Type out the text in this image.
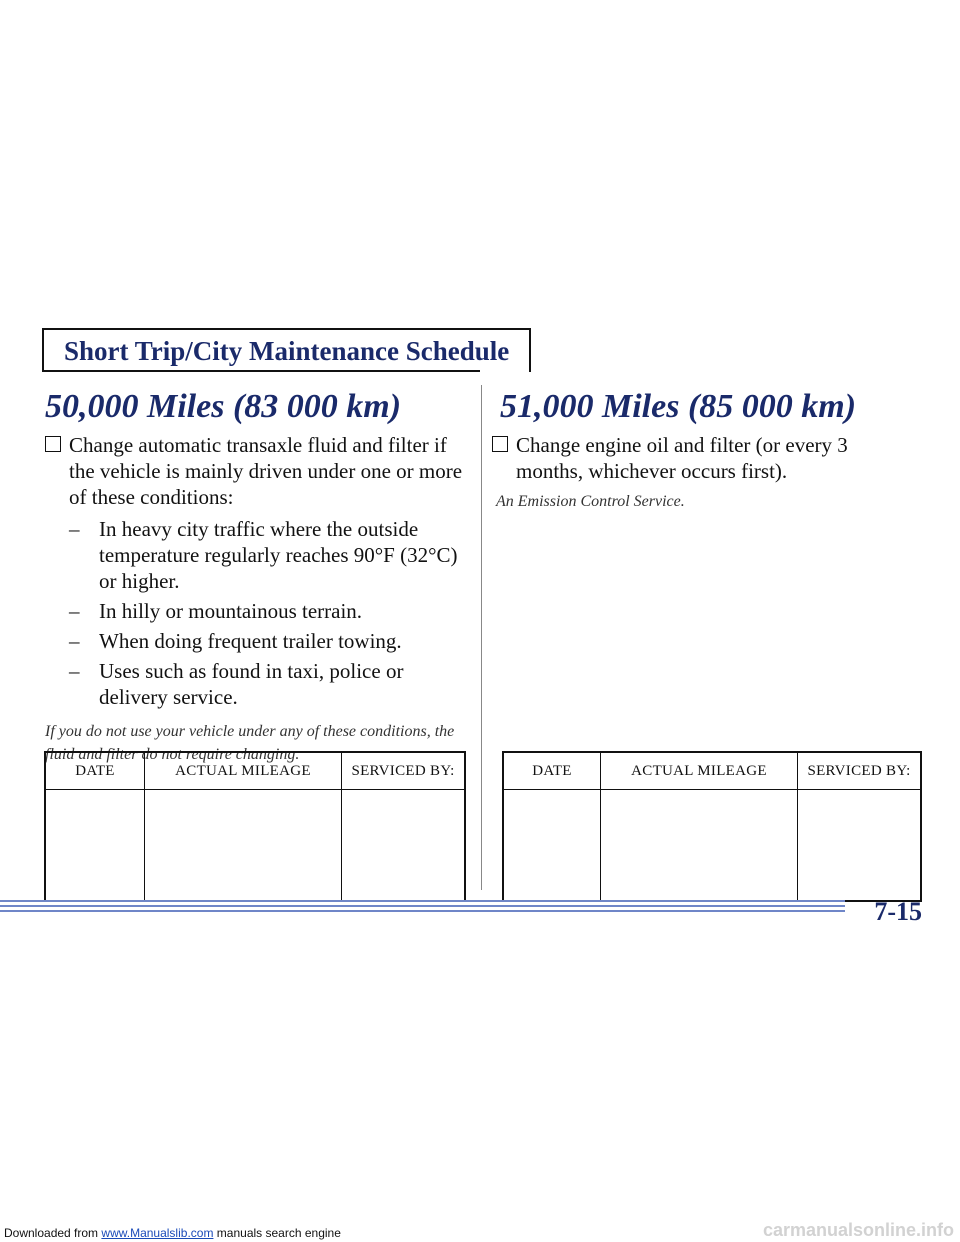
Short Trip/City Maintenance Schedule
50,000 Miles (83 000 km)
Change automatic transaxle fluid and filter if the vehicle is mainly driven under one or more of these conditions:
– In heavy city traffic where the outside temperature regularly reaches 90°F (32°C) or higher.
– In hilly or mountainous terrain.
– When doing frequent trailer towing.
– Uses such as found in taxi, police or delivery service.
If you do not use your vehicle under any of these conditions, the fluid and filter do not require changing.
DATE	ACTUAL MILEAGE	SERVICED BY:

51,000 Miles (85 000 km)
Change engine oil and filter (or every 3 months, whichever occurs first).
An Emission Control Service.
DATE	ACTUAL MILEAGE	SERVICED BY:

7-15
Downloaded from www.Manualslib.com manuals search engine	carmanualsonline.info
